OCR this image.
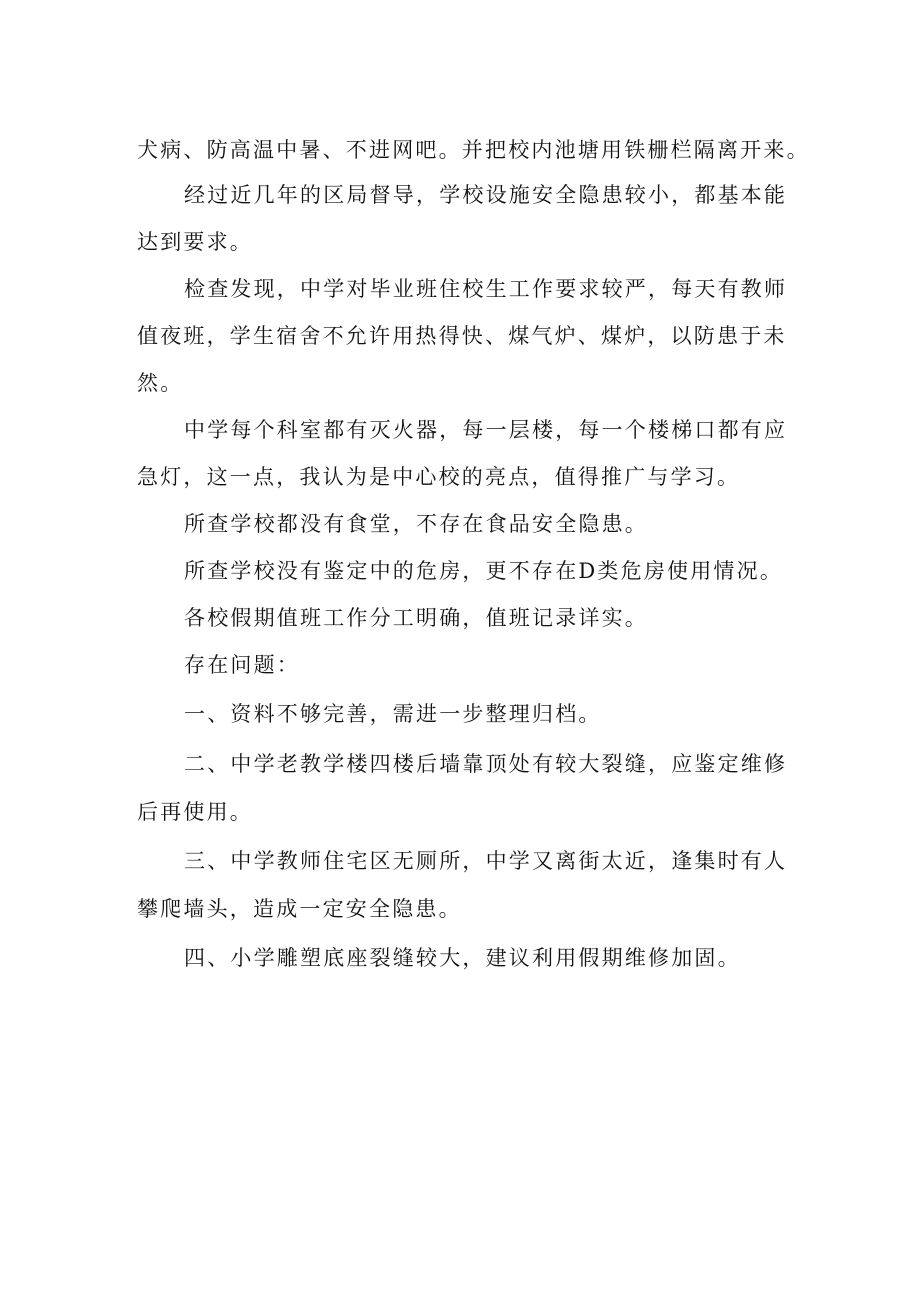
犬病、防高温中暑、不进网吧。并把校内池塘用铁栅栏隔离开来。

经过近几年的区局督导，学校设施安全隐患较小，都基本能

达到要求。

检查发现，中学对毕业班住校生工作要求较严，每天有教师

值夜班，学生宿舍不允许用热得快、煤气炉、煤炉，以防患于未

然。

中学每个科室都有灭火器，每一层楼，每一个楼梯口都有应

急灯，这一点，我认为是中心校的亮点，值得推广与学习。

所查学校都没有食堂，不存在食品安全隐患。

所查学校没有鉴定中的危房，更不存在D类危房使用情况。

各校假期值班工作分工明确，值班记录详实。

存在问题：

一、资料不够完善，需进一步整理归档。

二、中学老教学楼四楼后墙靠顶处有较大裂缝，应鉴定维修

后再使用。

三、中学教师住宅区无厕所，中学又离街太近，逢集时有人

攀爬墙头，造成一定安全隐患。

四、小学雕塑底座裂缝较大，建议利用假期维修加固。
